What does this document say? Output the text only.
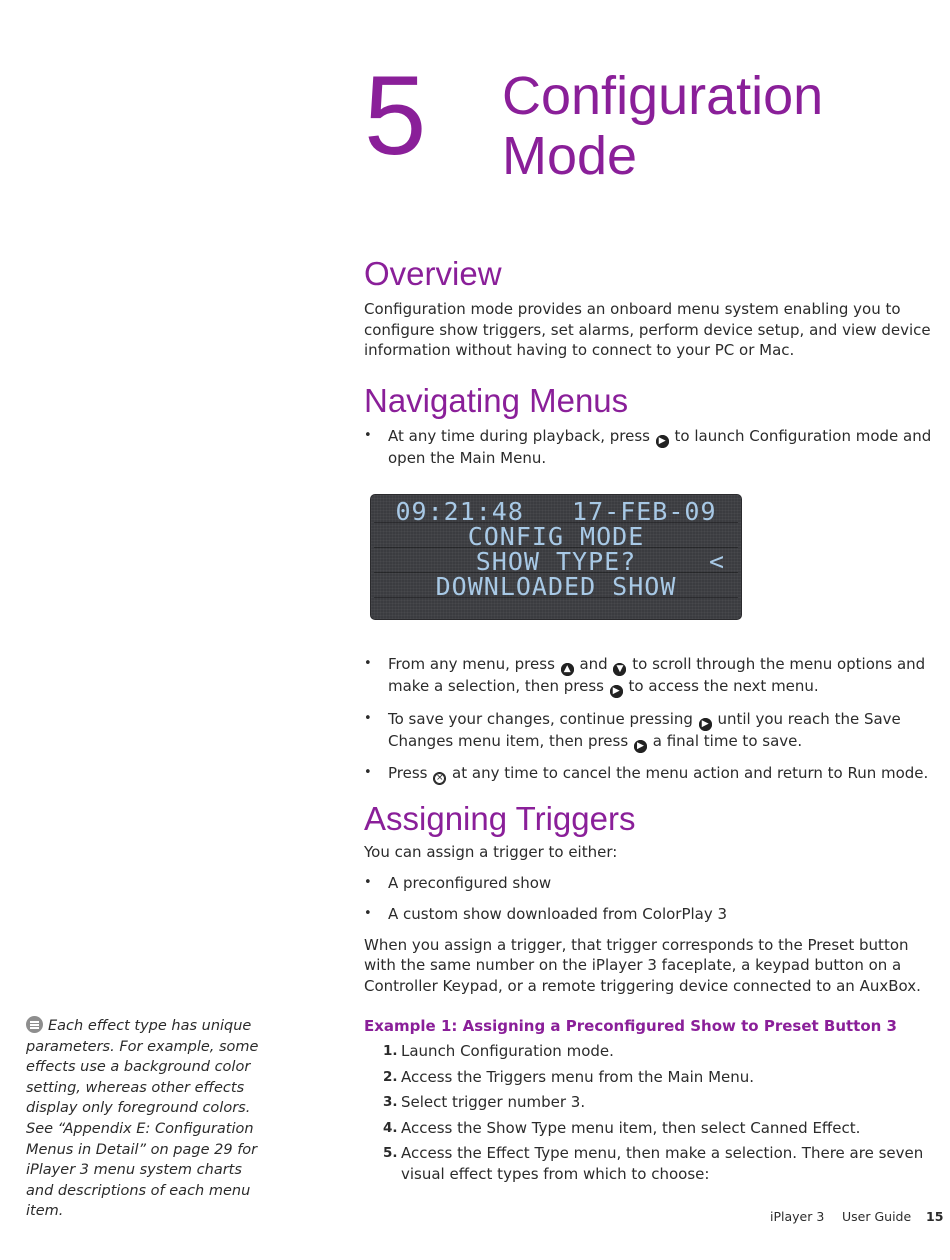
5 Configuration
Mode
Overview

Configuration mode provides an onboard menu system enabling you to configure show triggers, set alarms, perform device setup, and view device information without having to connect to your PC or Mac.

Navigating Menus
• At any time during playback, press ▶ to launch Configuration mode and open the Main Menu.
09:21:48   17-FEB-09
CONFIG MODE
SHOW TYPE?	<
DOWNLOADED SHOW
• From any menu, press ▲ and ▼ to scroll through the menu options and make a selection, then press ▶ to access the next menu.
• To save your changes, continue pressing ▶ until you reach the Save Changes menu item, then press ▶ a final time to save.
• Press × at any time to cancel the menu action and return to Run mode.
Assigning Triggers

You can assign a trigger to either:

• A preconfigured show
• A custom show downloaded from ColorPlay 3

When you assign a trigger, that trigger corresponds to the Preset button with the same number on the iPlayer 3 faceplate, a keypad button on a Controller Keypad, or a remote triggering device connected to an AuxBox.

Example 1: Assigning a Preconfigured Show to Preset Button 3
1. Launch Configuration mode.
2. Access the Triggers menu from the Main Menu.
3. Select trigger number 3.
4. Access the Show Type menu item, then select Canned Effect.
5. Access the Effect Type menu, then make a selection. There are seven visual effect types from which to choose:
Each effect type has unique parameters. For example, some effects use a background color setting, whereas other effects display only foreground colors. See “Appendix E: Configuration Menus in Detail” on page 29 for iPlayer 3 menu system charts and descriptions of each menu item.	iPlayer 3 User Guide 15
